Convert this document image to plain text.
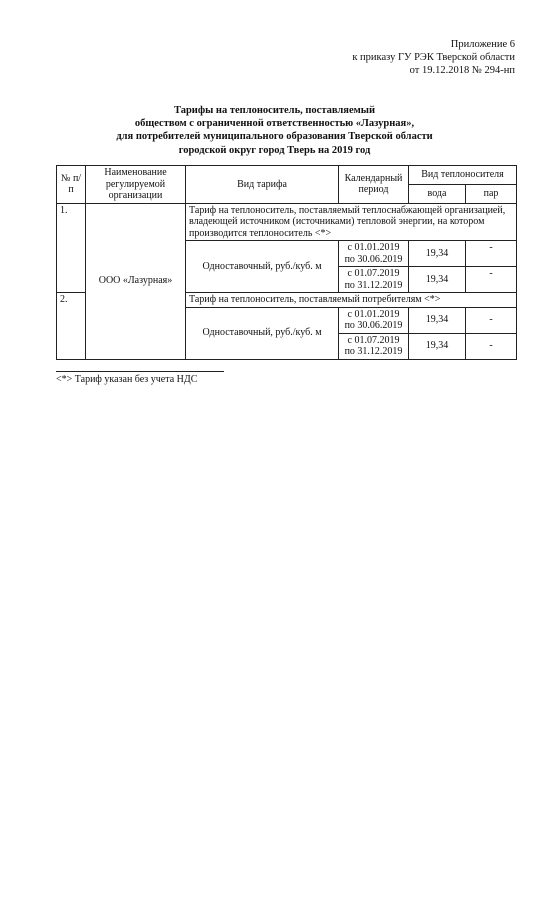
Приложение 6
к приказу ГУ РЭК Тверской области
от 19.12.2018 № 294-нп
Тарифы на теплоноситель, поставляемый
обществом с ограниченной ответственностью «Лазурная»,
для потребителей муниципального образования Тверской области
городской округ город Тверь на 2019 год
№ п/п	Наименование регулируемой организации	Вид тарифа	Календарный период	Вид теплоносителя	
				вода	пар
1.	ООО «Лазурная»	Тариф на теплоноситель, поставляемый теплоснабжающей организацией, владеющей источником (источниками) тепловой энергии, на котором производится теплоноситель <*>			
		Одноставочный, руб./куб. м	с 01.01.2019 по 30.06.2019	19,34	-
			с 01.07.2019 по 31.12.2019	19,34	-
2.		Тариф на теплоноситель, поставляемый потребителям <*>			
		Одноставочный, руб./куб. м	с 01.01.2019 по 30.06.2019	19,34	-
			с 01.07.2019 по 31.12.2019	19,34	-
<*> Тариф указан без учета НДС
